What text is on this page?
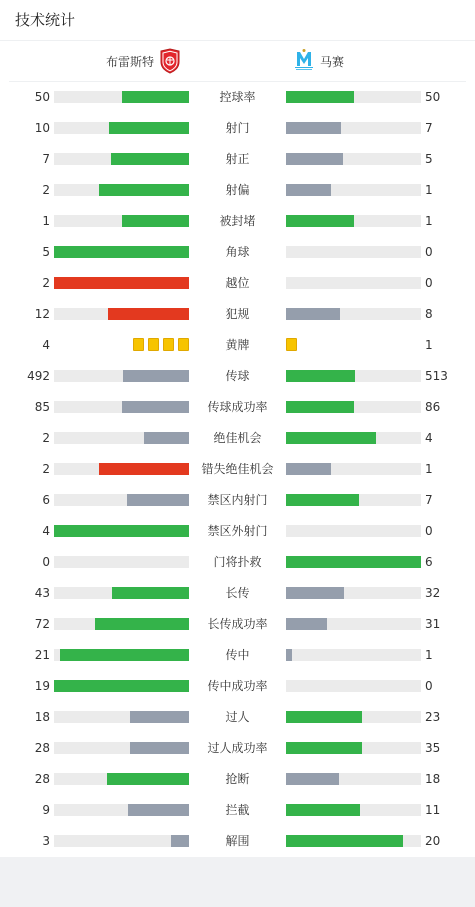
技术统计
布雷斯特	马赛
50	控球率	50
10	射门	7
7	射正	5
2	射偏	1
1	被封堵	1
5	角球	0
2	越位	0
12	犯规	8
4	黄牌	1
492	传球	513
85	传球成功率	86
2	绝佳机会	4
2	错失绝佳机会	1
6	禁区内射门	7
4	禁区外射门	0
0	门将扑救	6
43	长传	32
72	长传成功率	31
21	传中	1
19	传中成功率	0
18	过人	23
28	过人成功率	35
28	抢断	18
9	拦截	11
3	解围	20
